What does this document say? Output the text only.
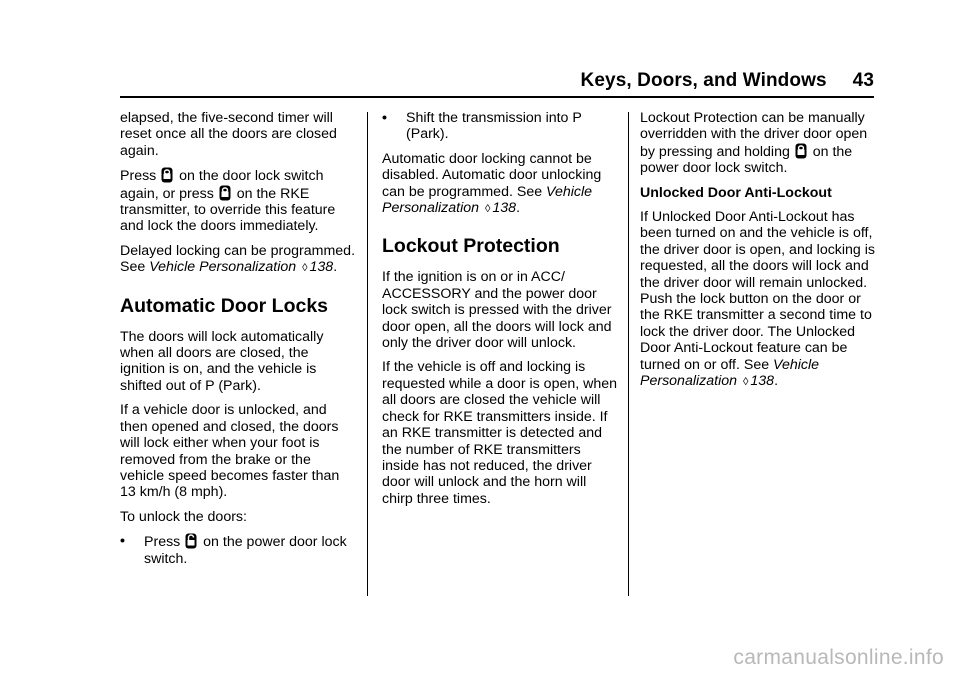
Keys, Doors, and Windows 43

elapsed, the five-second timer will reset once all the doors are closed again.

Press
on the door lock switch again, or press
on the RKE transmitter, to override this feature and lock the doors immediately.

Delayed locking can be programmed. See Vehicle Personalization ◊ 138.

Automatic Door Locks

The doors will lock automatically when all doors are closed, the ignition is on, and the vehicle is shifted out of P (Park).

If a vehicle door is unlocked, and then opened and closed, the doors will lock either when your foot is removed from the brake or the vehicle speed becomes faster than 13 km/h (8 mph).

To unlock the doors:

• Press
on the power door lock switch.
• Shift the transmission into P (Park).

Automatic door locking cannot be disabled. Automatic door unlocking can be programmed. See Vehicle Personalization ◊ 138.

Lockout Protection

If the ignition is on or in ACC/ ACCESSORY and the power door lock switch is pressed with the driver door open, all the doors will lock and only the driver door will unlock.

If the vehicle is off and locking is requested while a door is open, when all doors are closed the vehicle will check for RKE transmitters inside. If an RKE transmitter is detected and the number of RKE transmitters inside has not reduced, the driver door will unlock and the horn will chirp three times.

Lockout Protection can be manually overridden with the driver door open by pressing and holding
on the power door lock switch.

Unlocked Door Anti-Lockout

If Unlocked Door Anti-Lockout has been turned on and the vehicle is off, the driver door is open, and locking is requested, all the doors will lock and the driver door will remain unlocked. Push the lock button on the door or the RKE transmitter a second time to lock the driver door. The Unlocked Door Anti-Lockout feature can be turned on or off. See Vehicle Personalization ◊ 138.

carmanualsonline.info
